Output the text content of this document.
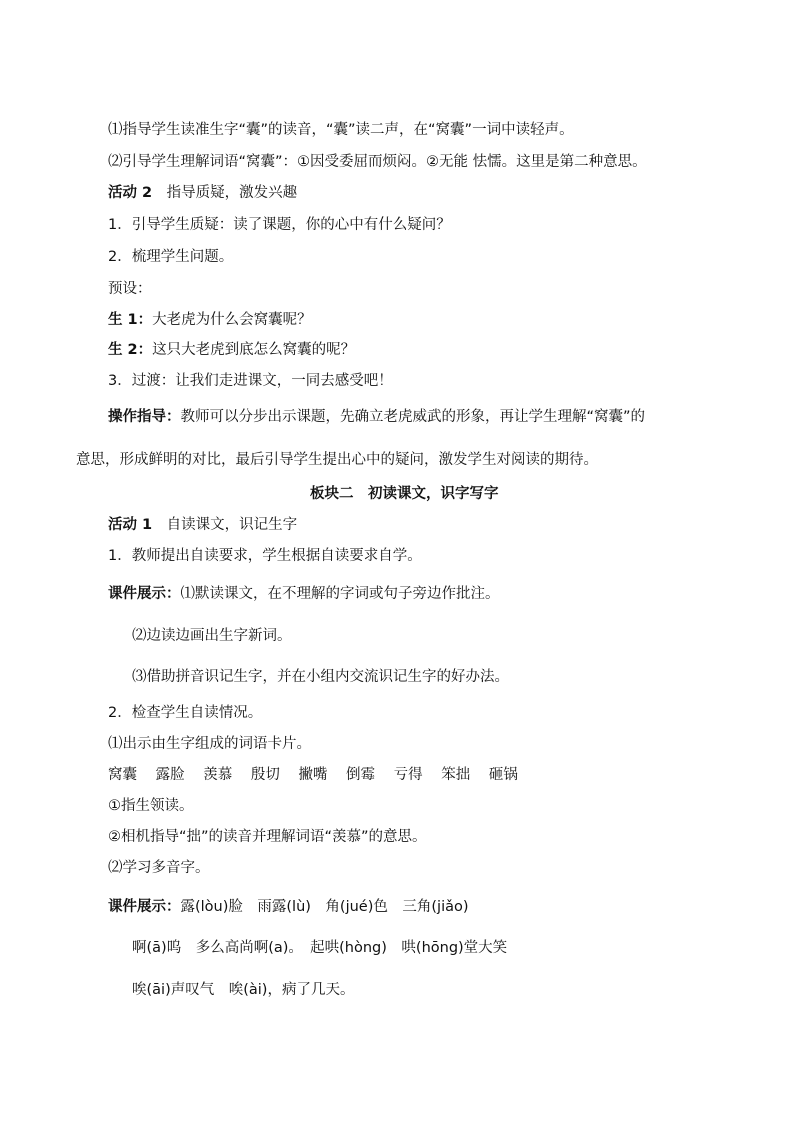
⑴指导学生读准生字“囊”的读音，“囊”读二声，在“窝囊”一词中读轻声。
⑵引导学生理解词语“窝囊”：①因受委屈而烦闷。②无能 怯懦。这里是第二种意思。
活动 2　指导质疑，激发兴趣
1．引导学生质疑：读了课题，你的心中有什么疑问？
2．梳理学生问题。
预设：
生 1：大老虎为什么会窝囊呢？
生 2：这只大老虎到底怎么窝囊的呢？
3．过渡：让我们走进课文，一同去感受吧！
操作指导：教师可以分步出示课题，先确立老虎威武的形象，再让学生理解“窝囊”的
意思，形成鲜明的对比，最后引导学生提出心中的疑问，激发学生对阅读的期待。
板块二　初读课文，识字写字
活动 1　自读课文，识记生字
1．教师提出自读要求，学生根据自读要求自学。
课件展示：⑴默读课文，在不理解的字词或句子旁边作批注。
⑵边读边画出生字新词。
⑶借助拼音识记生字，并在小组内交流识记生字的好办法。
2．检查学生自读情况。
⑴出示由生字组成的词语卡片。
窝囊 露脸 羡慕 殷切 撇嘴 倒霉 亏得 笨拙 砸锅
①指生领读。
②相机指导“拙”的读音并理解词语“羡慕”的意思。
⑵学习多音字。
课件展示：露(lòu)脸　雨露(lù)　角(jué)色　三角(jiǎo)
啊(ā)呜　多么高尚啊(a)。　起哄(hòng)　哄(hōng)堂大笑
唉(āi)声叹气　唉(ài)，病了几天。
